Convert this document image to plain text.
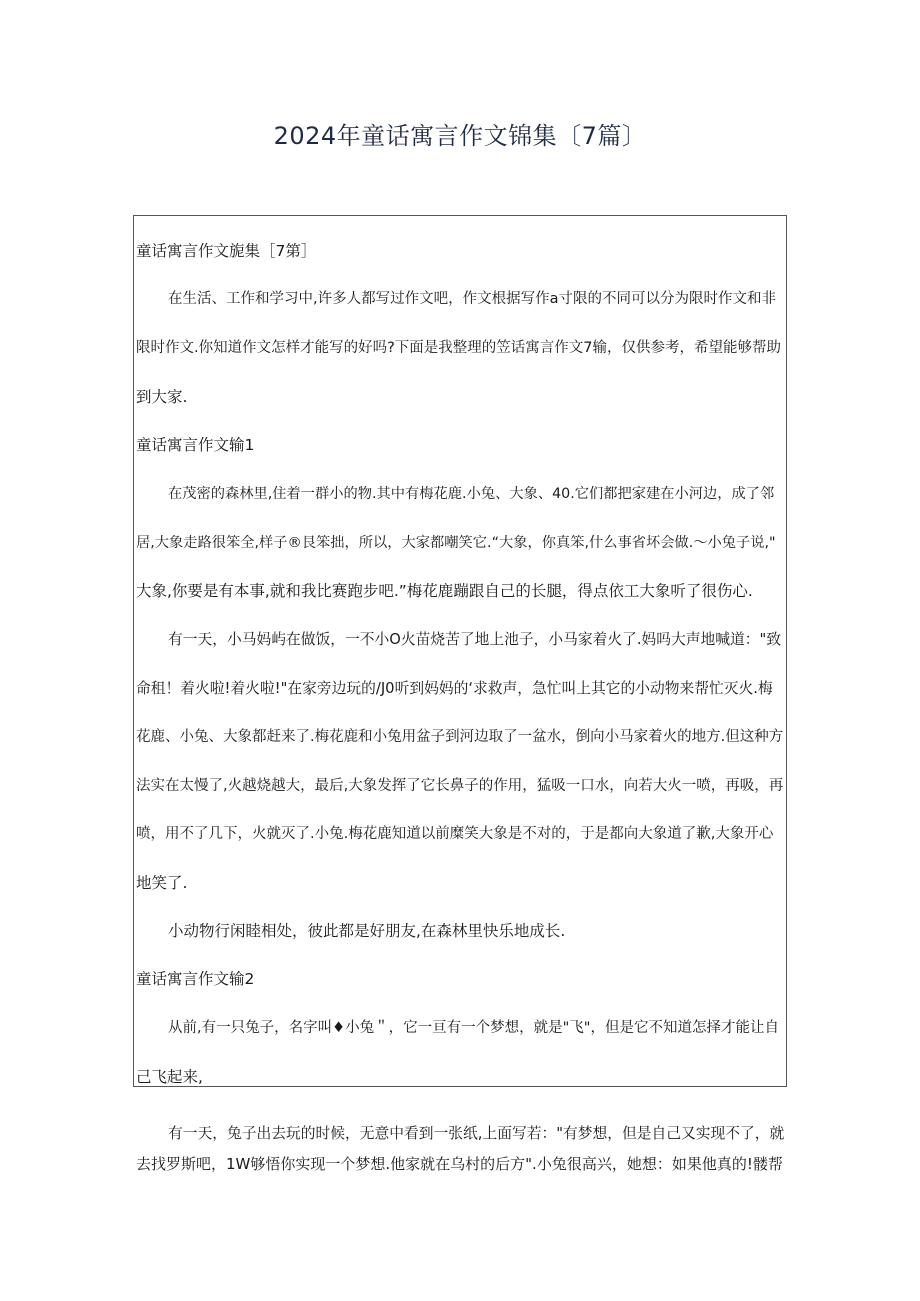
2024年童话寓言作文锦集〔7篇〕
童话寓言作文旎集［7第］
在生活、工作和学习中,许多人都写过作文吧，作文根据写作a寸限的不同可以分为限时作文和非
限时作文.你知道作文怎样才能写的好吗?下面是我整理的笠话寓言作文7输，仅供参考，希望能够帮助
到大家.
童话寓言作文输1
在茂密的森林里,住着一群小的物.其中有梅花鹿.小兔、大象、40.它们都把家建在小河边，成了邻
居,大象走路很笨全,样子®艮笨拙，所以，大家都嘲笑它.“大象，你真笨,什么事省坏会做.〜小兔子说,"
大象,你要是有本事,就和我比赛跑步吧.”梅花鹿蹦跟自己的长腿，得点依工大象听了很伤心.
有一天，小马妈屿在做饭，一不小O火苗烧苦了地上池子，小马家着火了.妈吗大声地喊道："致
命租！着火啦!着火啦!"在家旁边玩的/J0听到妈妈的‘求救声，急忙叫上其它的小动物来帮忙灭火.梅
花鹿、小兔、大象都赶来了.梅花鹿和小兔用盆子到河边取了一盆水，倒向小马家着火的地方.但这种方
法实在太慢了,火越烧越大，最后,大象发挥了它长鼻子的作用，猛吸一口水，向若大火一喷，再吸，再
喷，用不了几下，火就灭了.小兔.梅花鹿知道以前糜笑大象是不对的，于是都向大象道了歉,大象开心
地笑了.
小动物行闲睦相处，彼此都是好朋友,在森林里快乐地成长.
童话寓言作文输2
从前,有一只兔子，名字叫♦小兔＂，它一亘有一个梦想，就是"飞"，但是它不知道怎择才能让自
己飞起来,
有一天，兔子出去玩的时候，无意中看到一张纸,上面写若："有梦想，但是自己又实现不了，就
去找罗斯吧，1W够悟你实现一个梦想.他家就在乌村的后方".小兔很高兴，她想：如果他真的!髅帮
